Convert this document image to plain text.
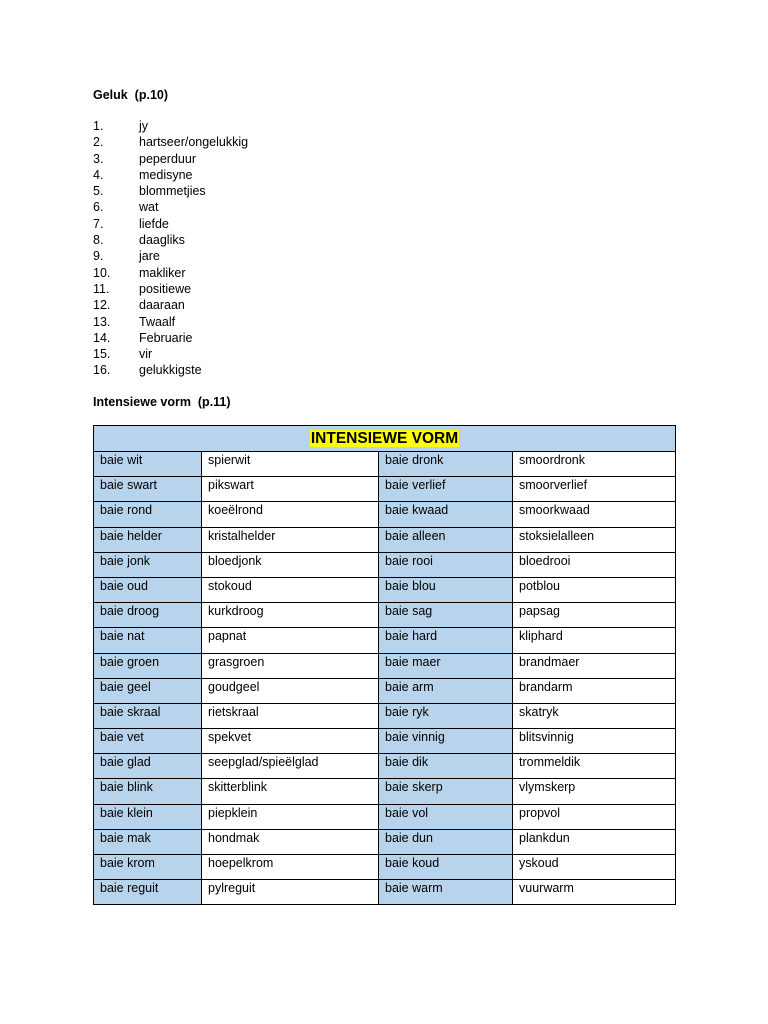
Geluk  (p.10)
1.	jy
2.	hartseer/ongelukkig
3.	peperduur
4.	medisyne
5.	blommetjies
6.	wat
7.	liefde
8.	daagliks
9.	jare
10. makliker
11. positiewe
12. daaraan
13. Twaalf
14. Februarie
15. vir
16. gelukkigste
Intensiewe vorm  (p.11)
INTENSIEWE VORM			
baie wit	spierwit	baie dronk	smoordronk
baie swart	pikswart	baie verlief	smoorverlief
baie rond	koeëlrond	baie kwaad	smoorkwaad
baie helder	kristalhelder	baie alleen	stoksielalleen
baie jonk	bloedjonk	baie rooi	bloedrooi
baie oud	stokoud	baie blou	potblou
baie droog	kurkdroog	baie sag	papsag
baie nat	papnat	baie hard	kliphard
baie groen	grasgroen	baie maer	brandmaer
baie geel	goudgeel	baie arm	brandarm
baie skraal	rietskraal	baie ryk	skatryk
baie vet	spekvet	baie vinnig	blitsvinnig
baie glad	seepglad/spieëlglad	baie dik	trommeldik
baie blink	skitterblink	baie skerp	vlymskerp
baie klein	piepklein	baie vol	propvol
baie mak	hondmak	baie dun	plankdun
baie krom	hoepelkrom	baie koud	yskoud
baie reguit	pylreguit	baie warm	vuurwarm
